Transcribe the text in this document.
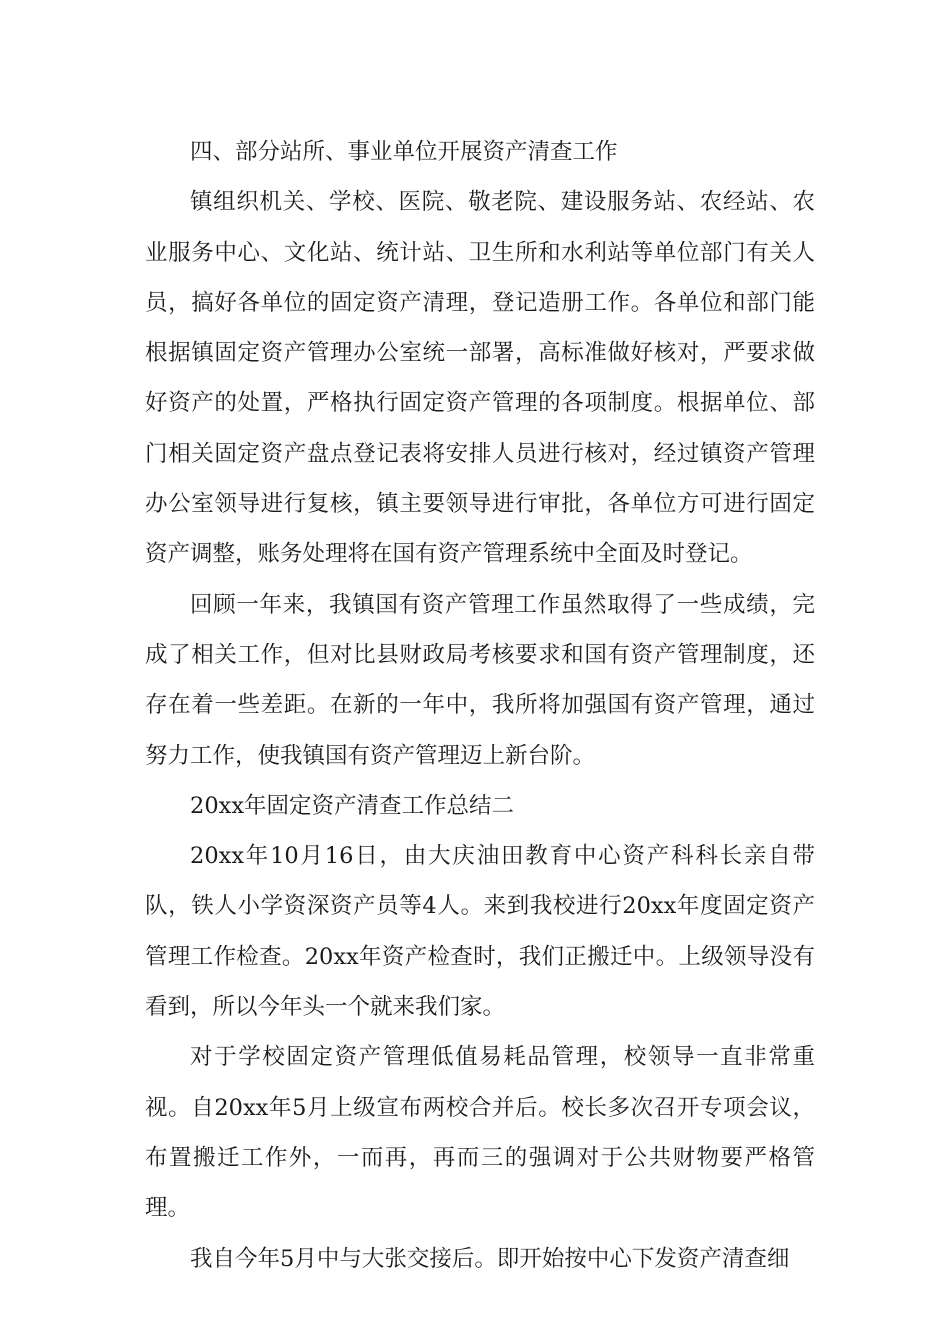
四、部分站所、事业单位开展资产清查工作

镇组织机关、学校、医院、敬老院、建设服务站、农经站、农业服务中心、文化站、统计站、卫生所和水利站等单位部门有关人员，搞好各单位的固定资产清理，登记造册工作。各单位和部门能根据镇固定资产管理办公室统一部署，高标准做好核对，严要求做好资产的处置，严格执行固定资产管理的各项制度。根据单位、部门相关固定资产盘点登记表将安排人员进行核对，经过镇资产管理办公室领导进行复核，镇主要领导进行审批，各单位方可进行固定资产调整，账务处理将在国有资产管理系统中全面及时登记。

回顾一年来，我镇国有资产管理工作虽然取得了一些成绩，完成了相关工作，但对比县财政局考核要求和国有资产管理制度，还存在着一些差距。在新的一年中，我所将加强国有资产管理，通过努力工作，使我镇国有资产管理迈上新台阶。

20xx年固定资产清查工作总结二

20xx年10月16日，由大庆油田教育中心资产科科长亲自带队，铁人小学资深资产员等4人。来到我校进行20xx年度固定资产管理工作检查。20xx年资产检查时，我们正搬迁中。上级领导没有看到，所以今年头一个就来我们家。

对于学校固定资产管理低值易耗品管理，校领导一直非常重视。自20xx年5月上级宣布两校合并后。校长多次召开专项会议，布置搬迁工作外，一而再，再而三的强调对于公共财物要严格管理。

我自今年5月中与大张交接后。即开始按中心下发资产清查细
